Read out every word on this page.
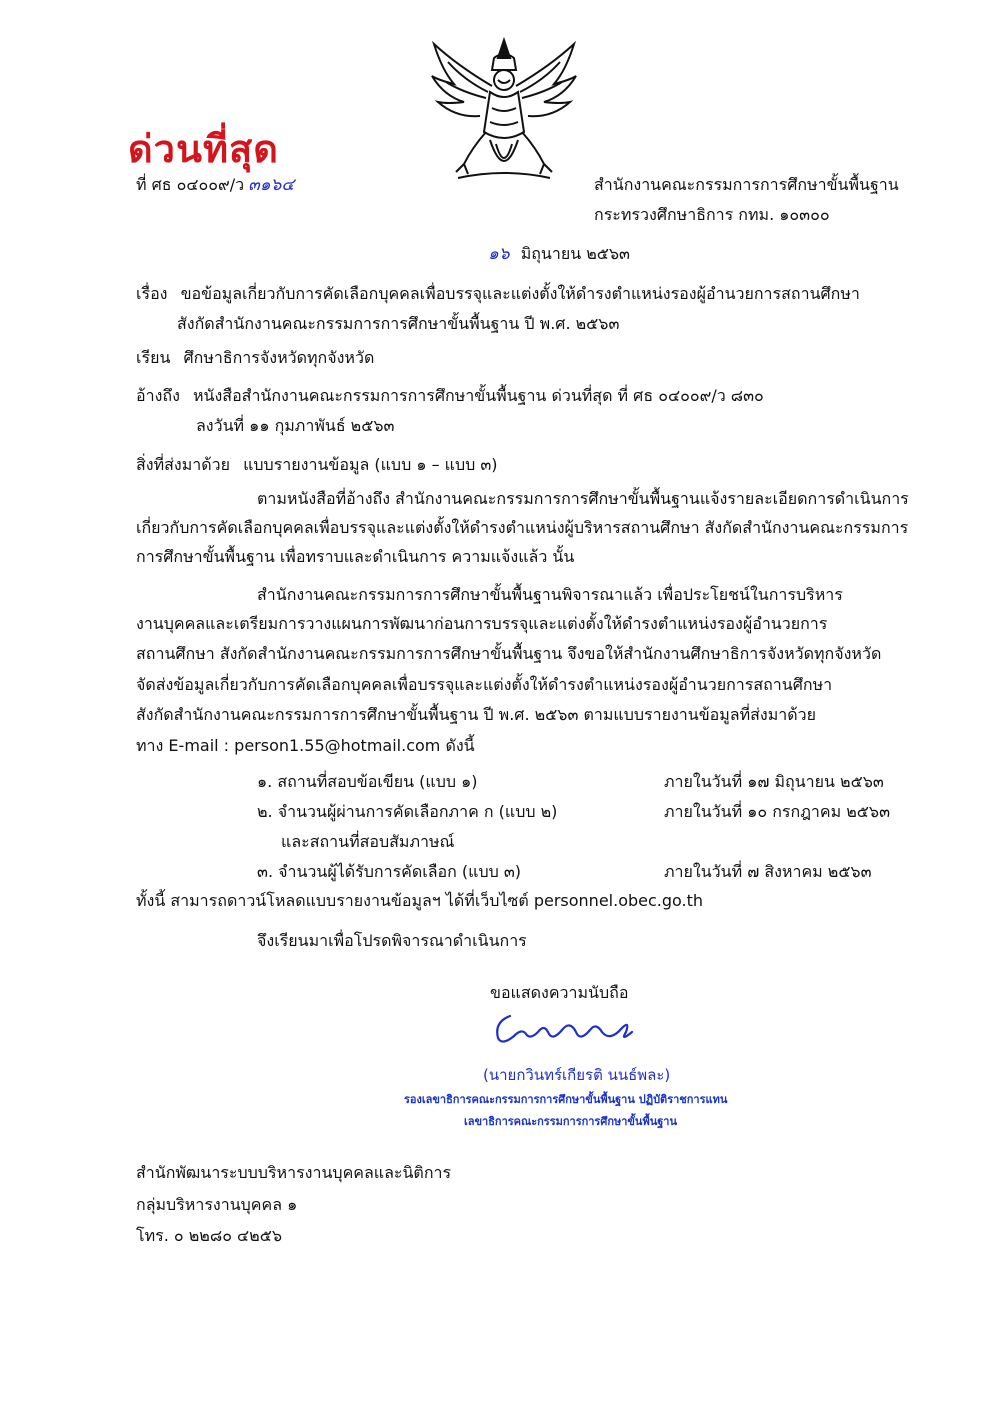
ด่วนที่สุด
ที่ ศธ ๐๔๐๐๙/ว ๓๑๖๔	สำนักงานคณะกรรมการการศึกษาขั้นพื้นฐาน
กระทรวงศึกษาธิการ กทม. ๑๐๓๐๐
๑๖ มิถุนายน ๒๕๖๓
เรื่อง ขอข้อมูลเกี่ยวกับการคัดเลือกบุคคลเพื่อบรรจุและแต่งตั้งให้ดำรงตำแหน่งรองผู้อำนวยการสถานศึกษา
สังกัดสำนักงานคณะกรรมการการศึกษาขั้นพื้นฐาน ปี พ.ศ. ๒๕๖๓
เรียน ศึกษาธิการจังหวัดทุกจังหวัด
อ้างถึง หนังสือสำนักงานคณะกรรมการการศึกษาขั้นพื้นฐาน ด่วนที่สุด ที่ ศธ ๐๔๐๐๙/ว ๘๓๐
ลงวันที่ ๑๑ กุมภาพันธ์ ๒๕๖๓
สิ่งที่ส่งมาด้วย แบบรายงานข้อมูล (แบบ ๑ – แบบ ๓)
ตามหนังสือที่อ้างถึง สำนักงานคณะกรรมการการศึกษาขั้นพื้นฐานแจ้งรายละเอียดการดำเนินการ
เกี่ยวกับการคัดเลือกบุคคลเพื่อบรรจุและแต่งตั้งให้ดำรงตำแหน่งผู้บริหารสถานศึกษา สังกัดสำนักงานคณะกรรมการ
การศึกษาขั้นพื้นฐาน เพื่อทราบและดำเนินการ ความแจ้งแล้ว นั้น
สำนักงานคณะกรรมการการศึกษาขั้นพื้นฐานพิจารณาแล้ว เพื่อประโยชน์ในการบริหาร
งานบุคคลและเตรียมการวางแผนการพัฒนาก่อนการบรรจุและแต่งตั้งให้ดำรงตำแหน่งรองผู้อำนวยการ
สถานศึกษา สังกัดสำนักงานคณะกรรมการการศึกษาขั้นพื้นฐาน จึงขอให้สำนักงานศึกษาธิการจังหวัดทุกจังหวัด
จัดส่งข้อมูลเกี่ยวกับการคัดเลือกบุคคลเพื่อบรรจุและแต่งตั้งให้ดำรงตำแหน่งรองผู้อำนวยการสถานศึกษา
สังกัดสำนักงานคณะกรรมการการศึกษาขั้นพื้นฐาน ปี พ.ศ. ๒๕๖๓ ตามแบบรายงานข้อมูลที่ส่งมาด้วย
ทาง E-mail : person1.55@hotmail.com ดังนี้
๑. สถานที่สอบข้อเขียน (แบบ ๑)	ภายในวันที่ ๑๗ มิถุนายน ๒๕๖๓
๒. จำนวนผู้ผ่านการคัดเลือกภาค ก (แบบ ๒)	ภายในวันที่ ๑๐ กรกฎาคม ๒๕๖๓
และสถานที่สอบสัมภาษณ์
๓. จำนวนผู้ได้รับการคัดเลือก (แบบ ๓)	ภายในวันที่ ๗ สิงหาคม ๒๕๖๓
ทั้งนี้ สามารถดาวน์โหลดแบบรายงานข้อมูลฯ ได้ที่เว็บไซต์ personnel.obec.go.th
จึงเรียนมาเพื่อโปรดพิจารณาดำเนินการ
ขอแสดงความนับถือ
(นายกวินทร์เกียรติ นนธ์พละ)
รองเลขาธิการคณะกรรมการการศึกษาขั้นพื้นฐาน ปฏิบัติราชการแทน
เลขาธิการคณะกรรมการการศึกษาขั้นพื้นฐาน
สำนักพัฒนาระบบบริหารงานบุคคลและนิติการ
กลุ่มบริหารงานบุคคล ๑
โทร. ๐ ๒๒๘๐ ๔๒๕๖
